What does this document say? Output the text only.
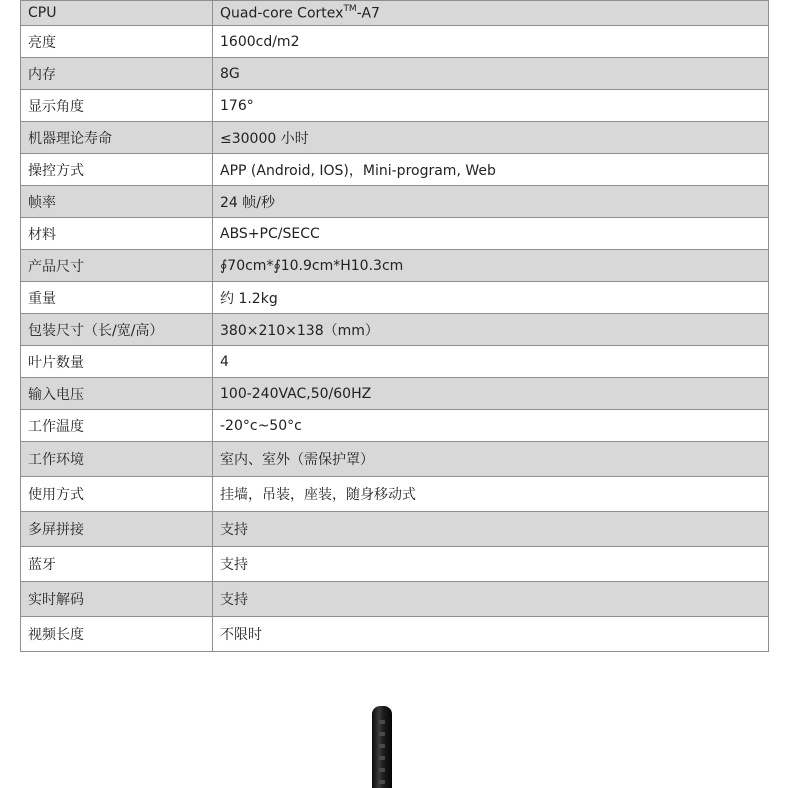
CPU	Quad-core Cortex™-A7
亮度	1600cd/m2
内存	8G
显示角度	176°
机器理论寿命	≤30000 小时
操控方式	APP (Android, IOS)，Mini-program, Web
帧率	24 帧/秒
材料	ABS+PC/SECC
产品尺寸	∮70cm*∮10.9cm*H10.3cm
重量	约 1.2kg
包装尺寸（长/宽/高）	380×210×138（mm）
叶片数量	4
输入电压	100-240VAC,50/60HZ
工作温度	-20°c~50°c
工作环境	室内、室外（需保护罩）
使用方式	挂墙，吊装，座装，随身移动式
多屏拼接	支持
蓝牙	支持
实时解码	支持
视频长度	不限时
